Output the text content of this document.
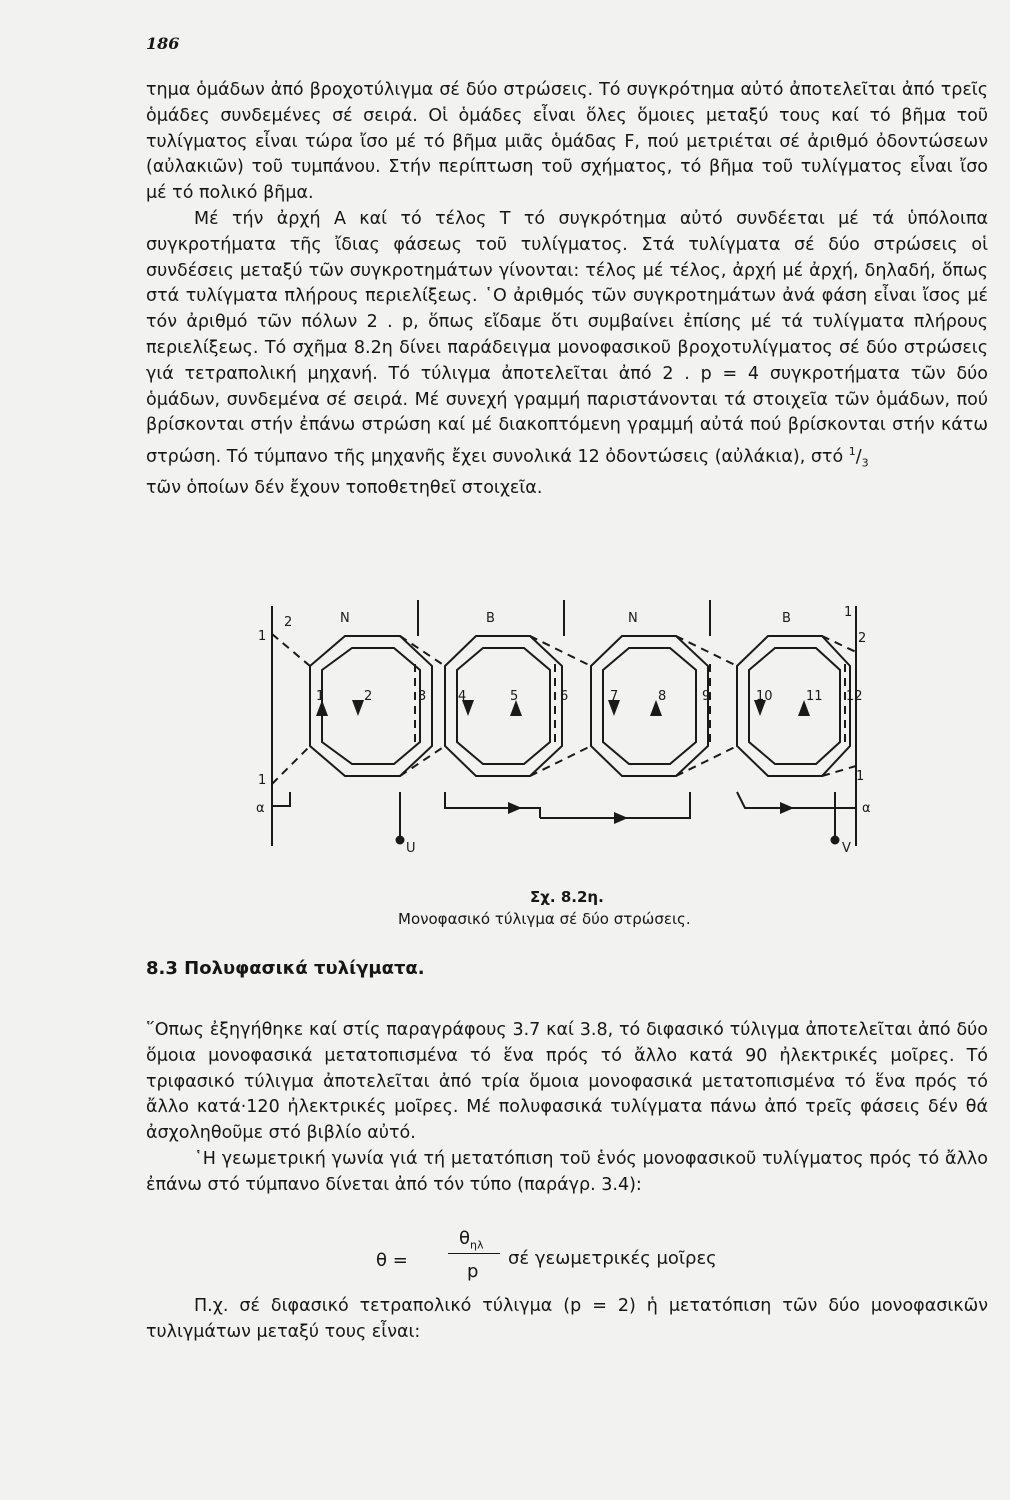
186

τημα ὁμάδων ἀπό βροχοτύλιγμα σέ δύο στρώσεις. Τό συγκρότημα αὐτό ἀποτελεῖται ἀπό τρεῖς ὁμάδες συνδεμένες σέ σειρά. Οἱ ὁμάδες εἶναι ὅλες ὅμοιες μεταξύ τους καί τό βῆμα τοῦ τυλίγματος εἶναι τώρα ἴσο μέ τό βῆμα μιᾶς ὁμάδας F, πού μετριέται σέ ἀριθμό ὀδοντώσεων (αὐλακιῶν) τοῦ τυμπάνου. Στήν περίπτωση τοῦ σχήματος, τό βῆμα τοῦ τυλίγματος εἶναι ἴσο μέ τό πολικό βῆμα.

Μέ τήν ἀρχή Α καί τό τέλος Τ τό συγκρότημα αὐτό συνδέεται μέ τά ὑπόλοιπα συγκροτήματα τῆς ἴδιας φάσεως τοῦ τυλίγματος. Στά τυλίγματα σέ δύο στρώσεις οἱ συνδέσεις μεταξύ τῶν συγκροτημάτων γίνονται: τέλος μέ τέλος, ἀρχή μέ ἀρχή, δηλαδή, ὅπως στά τυλίγματα πλήρους περιελίξεως. ῾Ο ἀριθμός τῶν συγκροτημάτων ἀνά φάση εἶναι ἴσος μέ τόν ἀριθμό τῶν πόλων 2 . p, ὅπως εἴδαμε ὅτι συμβαίνει ἐπίσης μέ τά τυλίγματα πλήρους περιελίξεως. Τό σχῆμα 8.2η δίνει παράδειγμα μονοφασικοῦ βροχοτυλίγματος σέ δύο στρώσεις γιά τετραπολική μηχανή. Τό τύλιγμα ἀποτελεῖται ἀπό 2 . p = 4 συγκροτήματα τῶν δύο ὁμάδων, συνδεμένα σέ σειρά. Μέ συνεχή γραμμή παριστάνονται τά στοιχεῖα τῶν ὁμάδων, πού βρίσκονται στήν ἐπάνω στρώση καί μέ διακοπτόμενη γραμμή αὐτά πού βρίσκονται στήν κάτω στρώση. Τό τύμπανο τῆς μηχανῆς ἔχει συνολικά 12 ὀδοντώσεις (αὐλάκια), στό $^1/_3$

τῶν ὁποίων δέν ἔχουν τοποθετηθεῖ στοιχεῖα.

N	B	N	B
1
2
1
2
1	1
α	α
U	V
1	2	3 4	5	6	7	8	9	10	11 12
Σχ. 8.2η.
Μονοφασικό τύλιγμα σέ δύο στρώσεις.
8.3 Πολυφασικά τυλίγματα.

῞Οπως ἐξηγήθηκε καί στίς παραγράφους 3.7 καί 3.8, τό διφασικό τύλιγμα ἀποτελεῖται ἀπό δύο ὅμοια μονοφασικά μετατοπισμένα τό ἕνα πρός τό ἄλλο κατά 90 ἠλεκτρικές μοῖρες. Τό τριφασικό τύλιγμα ἀποτελεῖται ἀπό τρία ὅμοια μονοφασικά μετατοπισμένα τό ἕνα πρός τό ἄλλο κατά·120 ἠλεκτρικές μοῖρες. Μέ πολυφασικά τυλίγματα πάνω ἀπό τρεῖς φάσεις δέν θά ἀσχοληθοῦμε στό βιβλίο αὐτό.

῾Η γεωμετρική γωνία γιά τή μετατόπιση τοῦ ἑνός μονοφασικοῦ τυλίγματος πρός τό ἄλλο ἐπάνω στό τύμπανο δίνεται ἀπό τόν τύπο (παράγρ. 3.4):

θ =
$\theta_{\eta\lambda}$
p
σέ γεωμετρικές μοῖρες

Π.χ. σέ διφασικό τετραπολικό τύλιγμα (p = 2) ἡ μετατόπιση τῶν δύο μονοφασικῶν τυλιγμάτων μεταξύ τους εἶναι:
